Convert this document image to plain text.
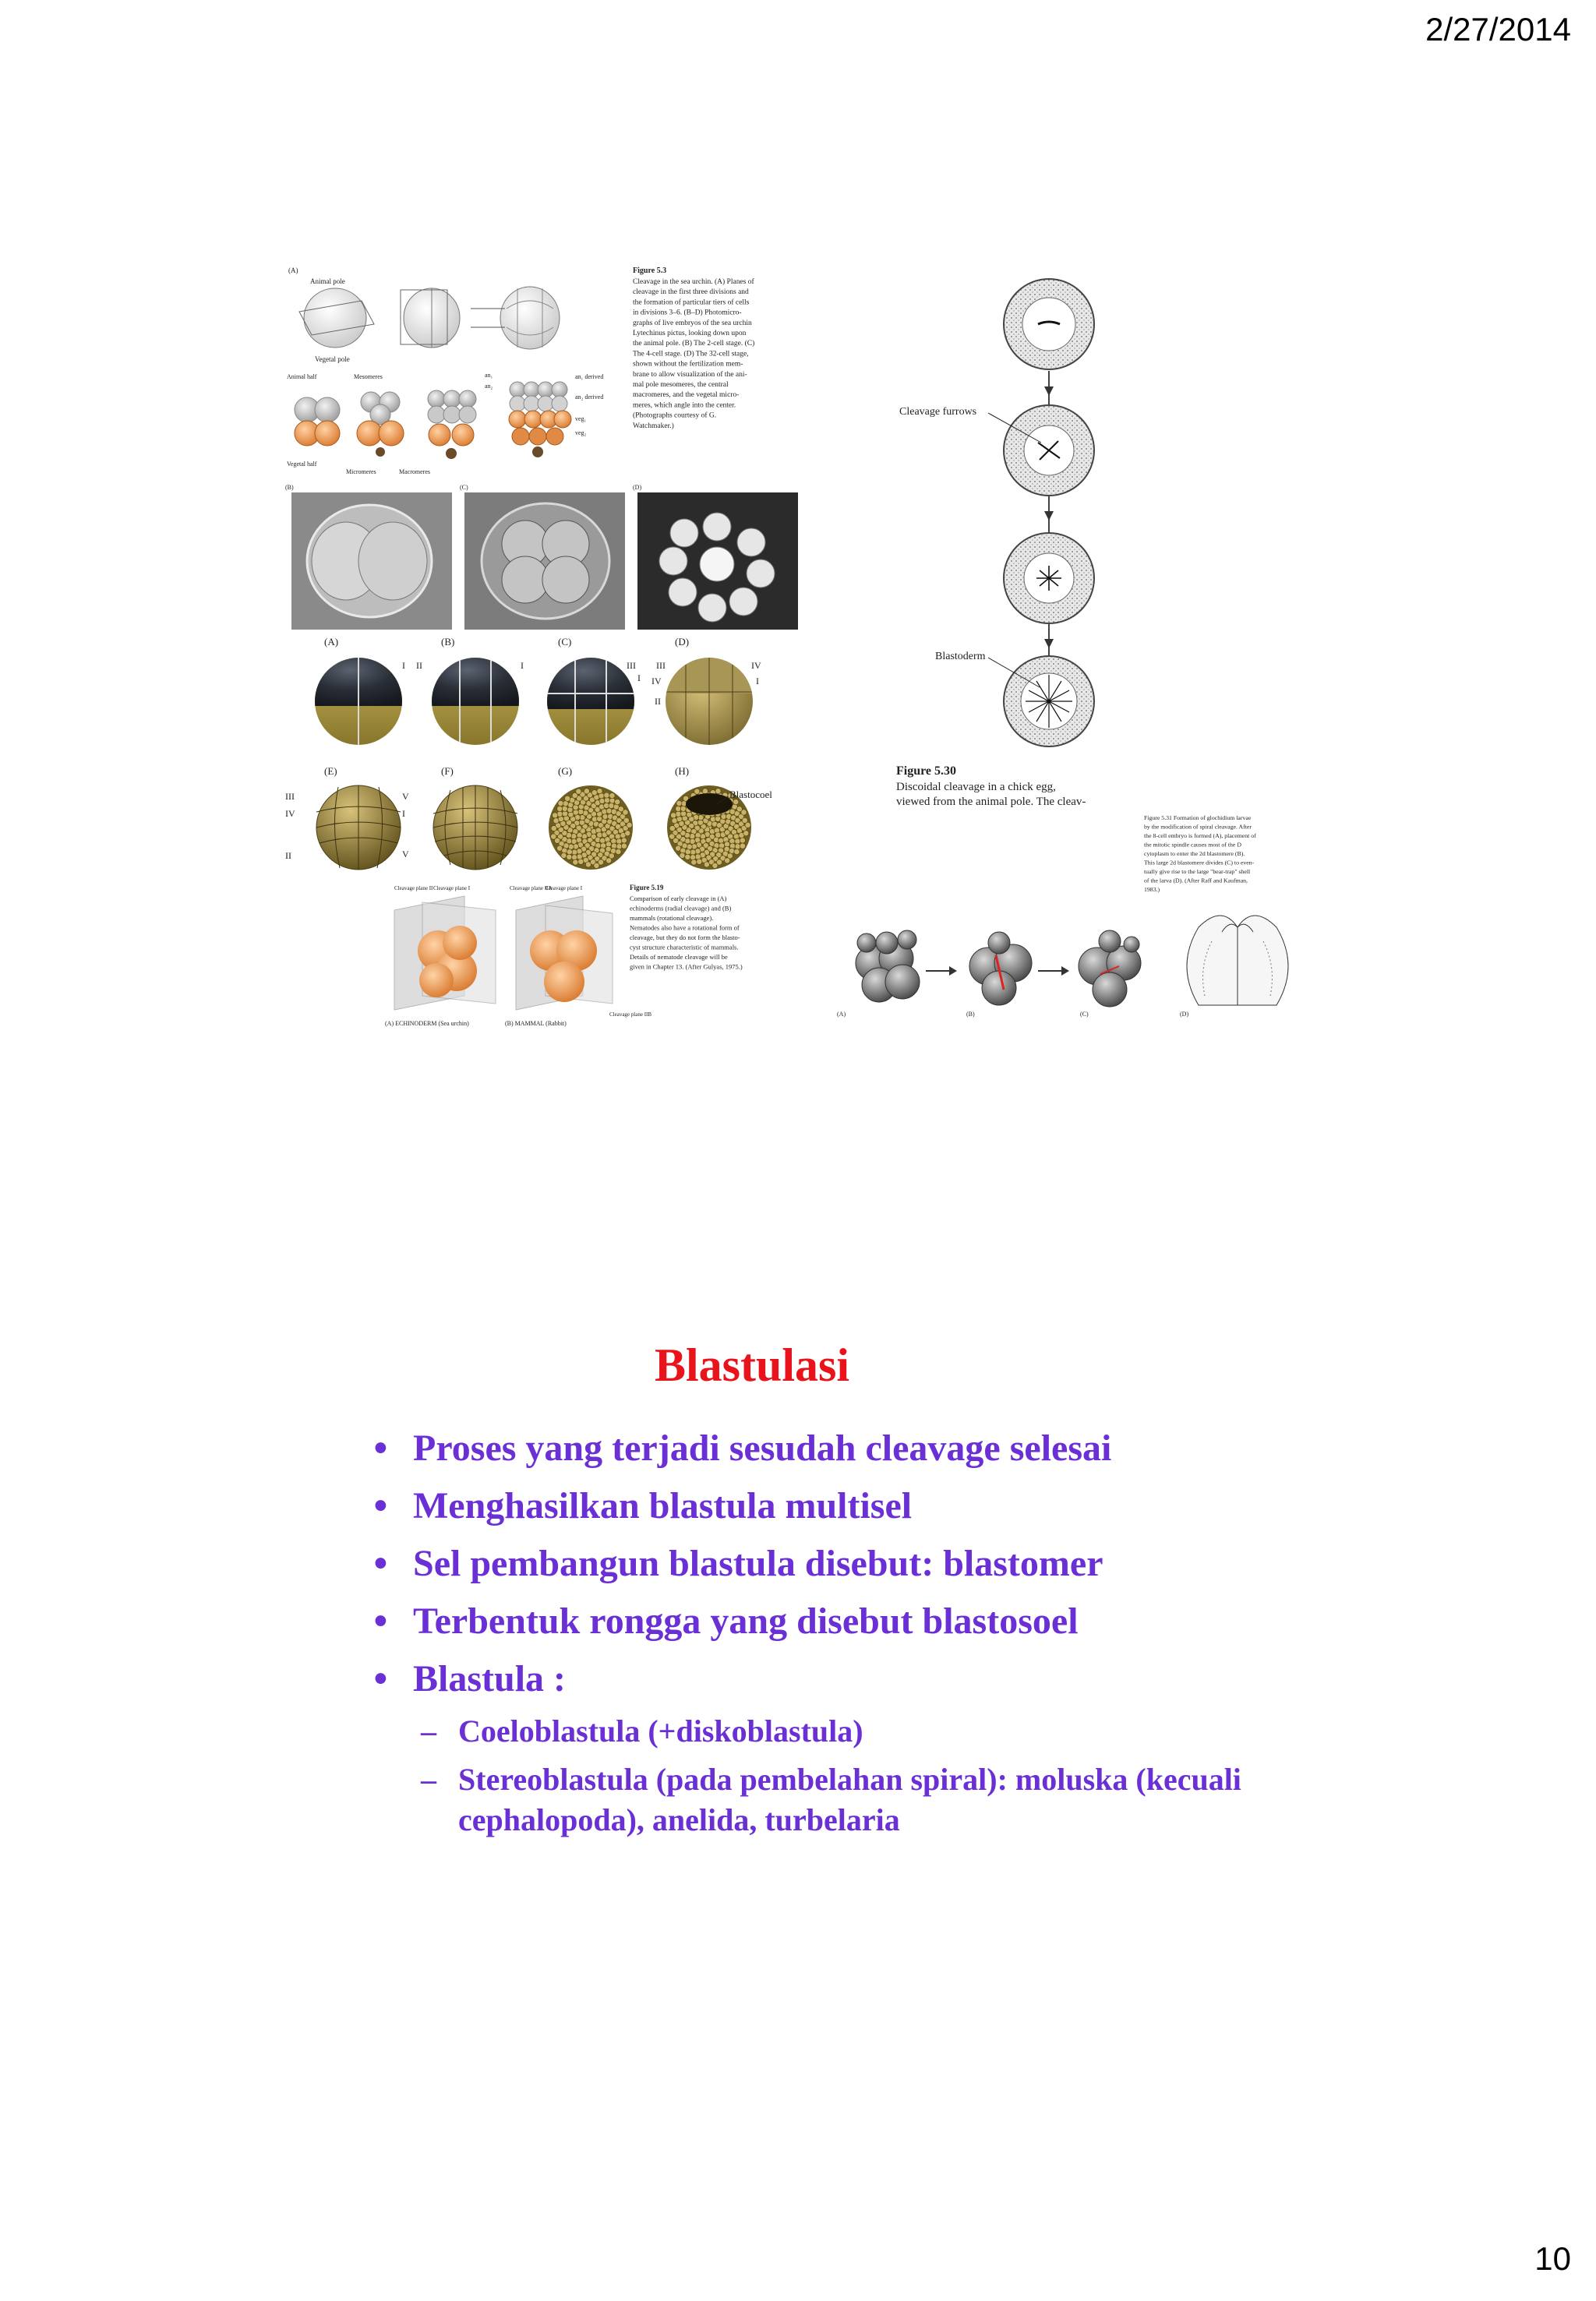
2/27/2014
(A)
Animal pole
Vegetal pole
Animal half
Vegetal half
Mesomeres	an₁
an₂
an₁ derived
an₂ derived
veg₁
veg₂
Micromeres	Macromeres
Figure 5.3
Cleavage in the sea urchin. (A) Planes of
cleavage in the first three divisions and
the formation of particular tiers of cells
in divisions 3–6. (B–D) Photomicro-
graphs of live embryos of the sea urchin
Lytechinus pictus, looking down upon
the animal pole. (B) The 2-cell stage. (C)
The 4-cell stage. (D) The 32-cell stage,
shown without the fertilization mem-
brane to allow visualization of the ani-
mal pole mesomeres, the central
macromeres, and the vegetal micro-
meres, which angle into the center.
(Photographs courtesy of G.
Watchmaker.)
(B)	(C)	(D)
Cleavage furrows
Blastoderm
Figure 5.30
Discoidal cleavage in a chick egg,
viewed from the animal pole. The cleav-
(A)	(B)	(C)	(D)
I II	I	III
I
III
IV
II
IV
I
(E)	(F)	(G)	(H)
Blastocoel
III
IV
II
V
I
V
Cleavage plane II Cleavage plane I	Cleavage plane IIA
Cleavage plane I
Cleavage plane IIB
(A) ECHINODERM (Sea urchin)	(B) MAMMAL (Rabbit)
Figure 5.19
Comparison of early cleavage in (A)
echinoderms (radial cleavage) and (B)
mammals (rotational cleavage).
Nematodes also have a rotational form of
cleavage, but they do not form the blasto-
cyst structure characteristic of mammals.
Details of nematode cleavage will be
given in Chapter 13. (After Gulyas, 1975.)
Figure 5.31 Formation of glochidium larvae
by the modification of spiral cleavage. After
the 8-cell embryo is formed (A), placement of
the mitotic spindle causes most of the D
cytoplasm to enter the 2d blastomere (B).
This large 2d blastomere divides (C) to even-
tually give rise to the large "bear-trap" shell
of the larva (D). (After Raff and Kaufman,
1983.)
(A)	(B)	(C)	(D)
Blastulasi
• Proses yang terjadi sesudah cleavage selesai
• Menghasilkan blastula multisel
• Sel pembangun blastula disebut: blastomer
• Terbentuk rongga yang disebut blastosoel
• Blastula :
– Coeloblastula (+diskoblastula)
– Stereoblastula (pada pembelahan spiral): moluska (kecuali cephalopoda), anelida, turbelaria
10
